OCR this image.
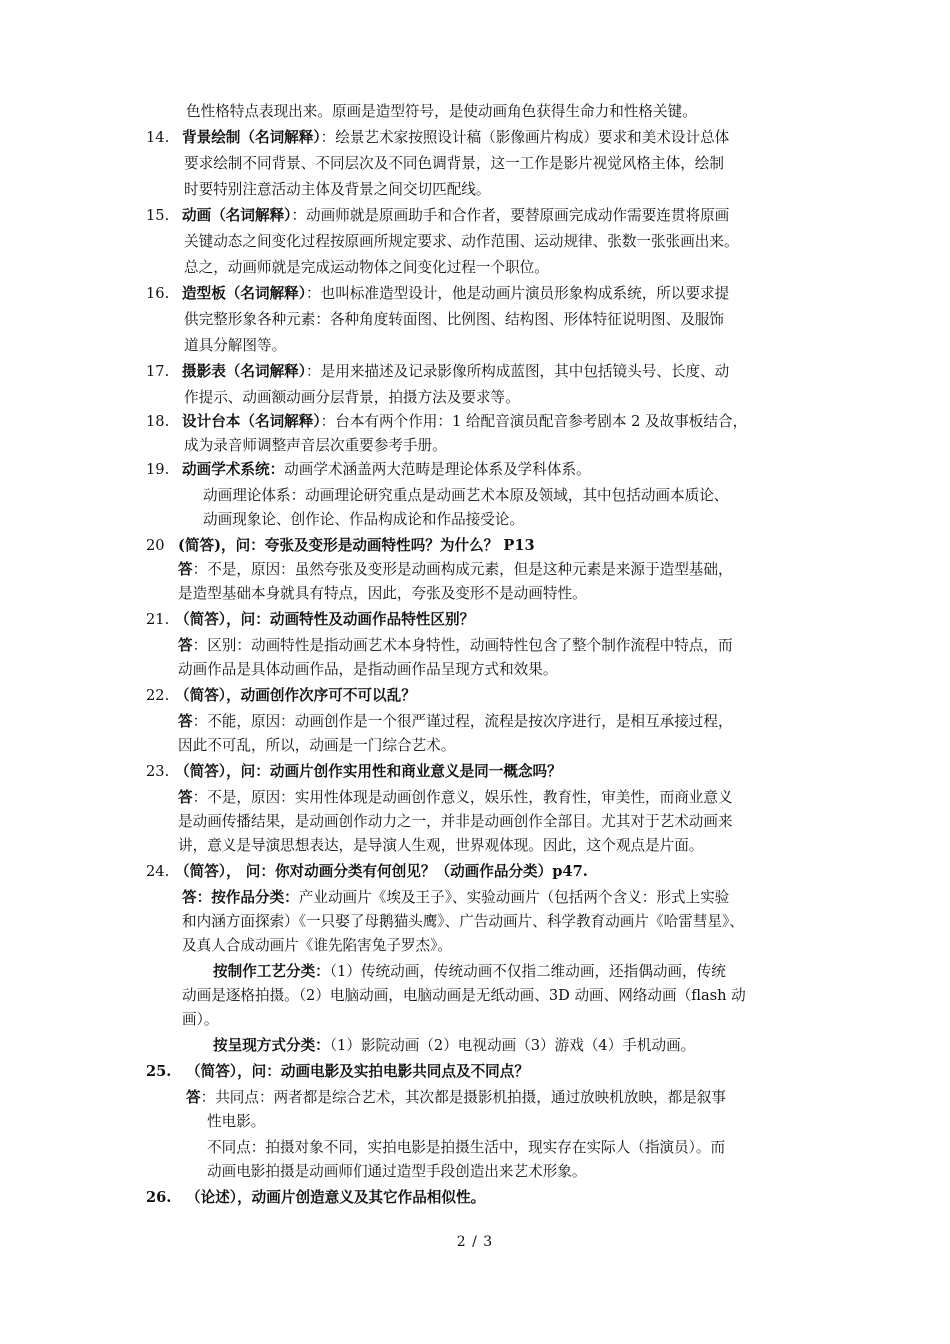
色性格特点表现出来。原画是造型符号，是使动画角色获得生命力和性格关键。
14. 背景绘制（名词解释）：绘景艺术家按照设计稿（影像画片构成）要求和美术设计总体
要求绘制不同背景、不同层次及不同色调背景，这一工作是影片视觉风格主体，绘制
时要特别注意活动主体及背景之间交切匹配线。
15. 动画（名词解释）：动画师就是原画助手和合作者，要替原画完成动作需要连贯将原画
关键动态之间变化过程按原画所规定要求、动作范围、运动规律、张数一张张画出来。
总之，动画师就是完成运动物体之间变化过程一个职位。
16. 造型板（名词解释）：也叫标准造型设计，他是动画片演员形象构成系统，所以要求提
供完整形象各种元素：各种角度转面图、比例图、结构图、形体特征说明图、及服饰
道具分解图等。
17. 摄影表（名词解释）：是用来描述及记录影像所构成蓝图，其中包括镜头号、长度、动
作提示、动画额动画分层背景，拍摄方法及要求等。
18. 设计台本（名词解释）：台本有两个作用：1 给配音演员配音参考剧本 2 及故事板结合，
成为录音师调整声音层次重要参考手册。
19. 动画学术系统：动画学术涵盖两大范畴是理论体系及学科体系。
动画理论体系：动画理论研究重点是动画艺术本原及领域，其中包括动画本质论、
动画现象论、创作论、作品构成论和作品接受论。
20 (简答)，问：夸张及变形是动画特性吗？为什么？ P13
答：不是，原因：虽然夸张及变形是动画构成元素，但是这种元素是来源于造型基础，
是造型基础本身就具有特点，因此，夸张及变形不是动画特性。
21. （简答），问：动画特性及动画作品特性区别？
答：区别：动画特性是指动画艺术本身特性，动画特性包含了整个制作流程中特点，而
动画作品是具体动画作品，是指动画作品呈现方式和效果。
22. （简答），动画创作次序可不可以乱？
答：不能，原因：动画创作是一个很严谨过程，流程是按次序进行，是相互承接过程，
因此不可乱，所以，动画是一门综合艺术。
23. （简答），问：动画片创作实用性和商业意义是同一概念吗？
答：不是，原因：实用性体现是动画创作意义，娱乐性，教育性，审美性，而商业意义
是动画传播结果，是动画创作动力之一，并非是动画创作全部目。尤其对于艺术动画来
讲，意义是导演思想表达，是导演人生观，世界观体现。因此，这个观点是片面。
24. （简答）， 问：你对动画分类有何创见？（动画作品分类）p47.
答：按作品分类：产业动画片《埃及王子》、实验动画片（包括两个含义：形式上实验
和内涵方面探索）《一只娶了母鹅猫头鹰》、广告动画片、科学教育动画片《哈雷彗星》、
及真人合成动画片《谁先陷害兔子罗杰》。
按制作工艺分类：（1）传统动画，传统动画不仅指二维动画，还指偶动画，传统
动画是逐格拍摄。（2）电脑动画，电脑动画是无纸动画、3D 动画、网络动画（flash 动
画）。
按呈现方式分类：（1）影院动画（2）电视动画（3）游戏（4）手机动画。
25. （简答），问：动画电影及实拍电影共同点及不同点？
答：共同点：两者都是综合艺术，其次都是摄影机拍摄，通过放映机放映，都是叙事
性电影。
不同点：拍摄对象不同，实拍电影是拍摄生活中，现实存在实际人（指演员）。而
动画电影拍摄是动画师们通过造型手段创造出来艺术形象。
26. （论述），动画片创造意义及其它作品相似性。
2 / 3
